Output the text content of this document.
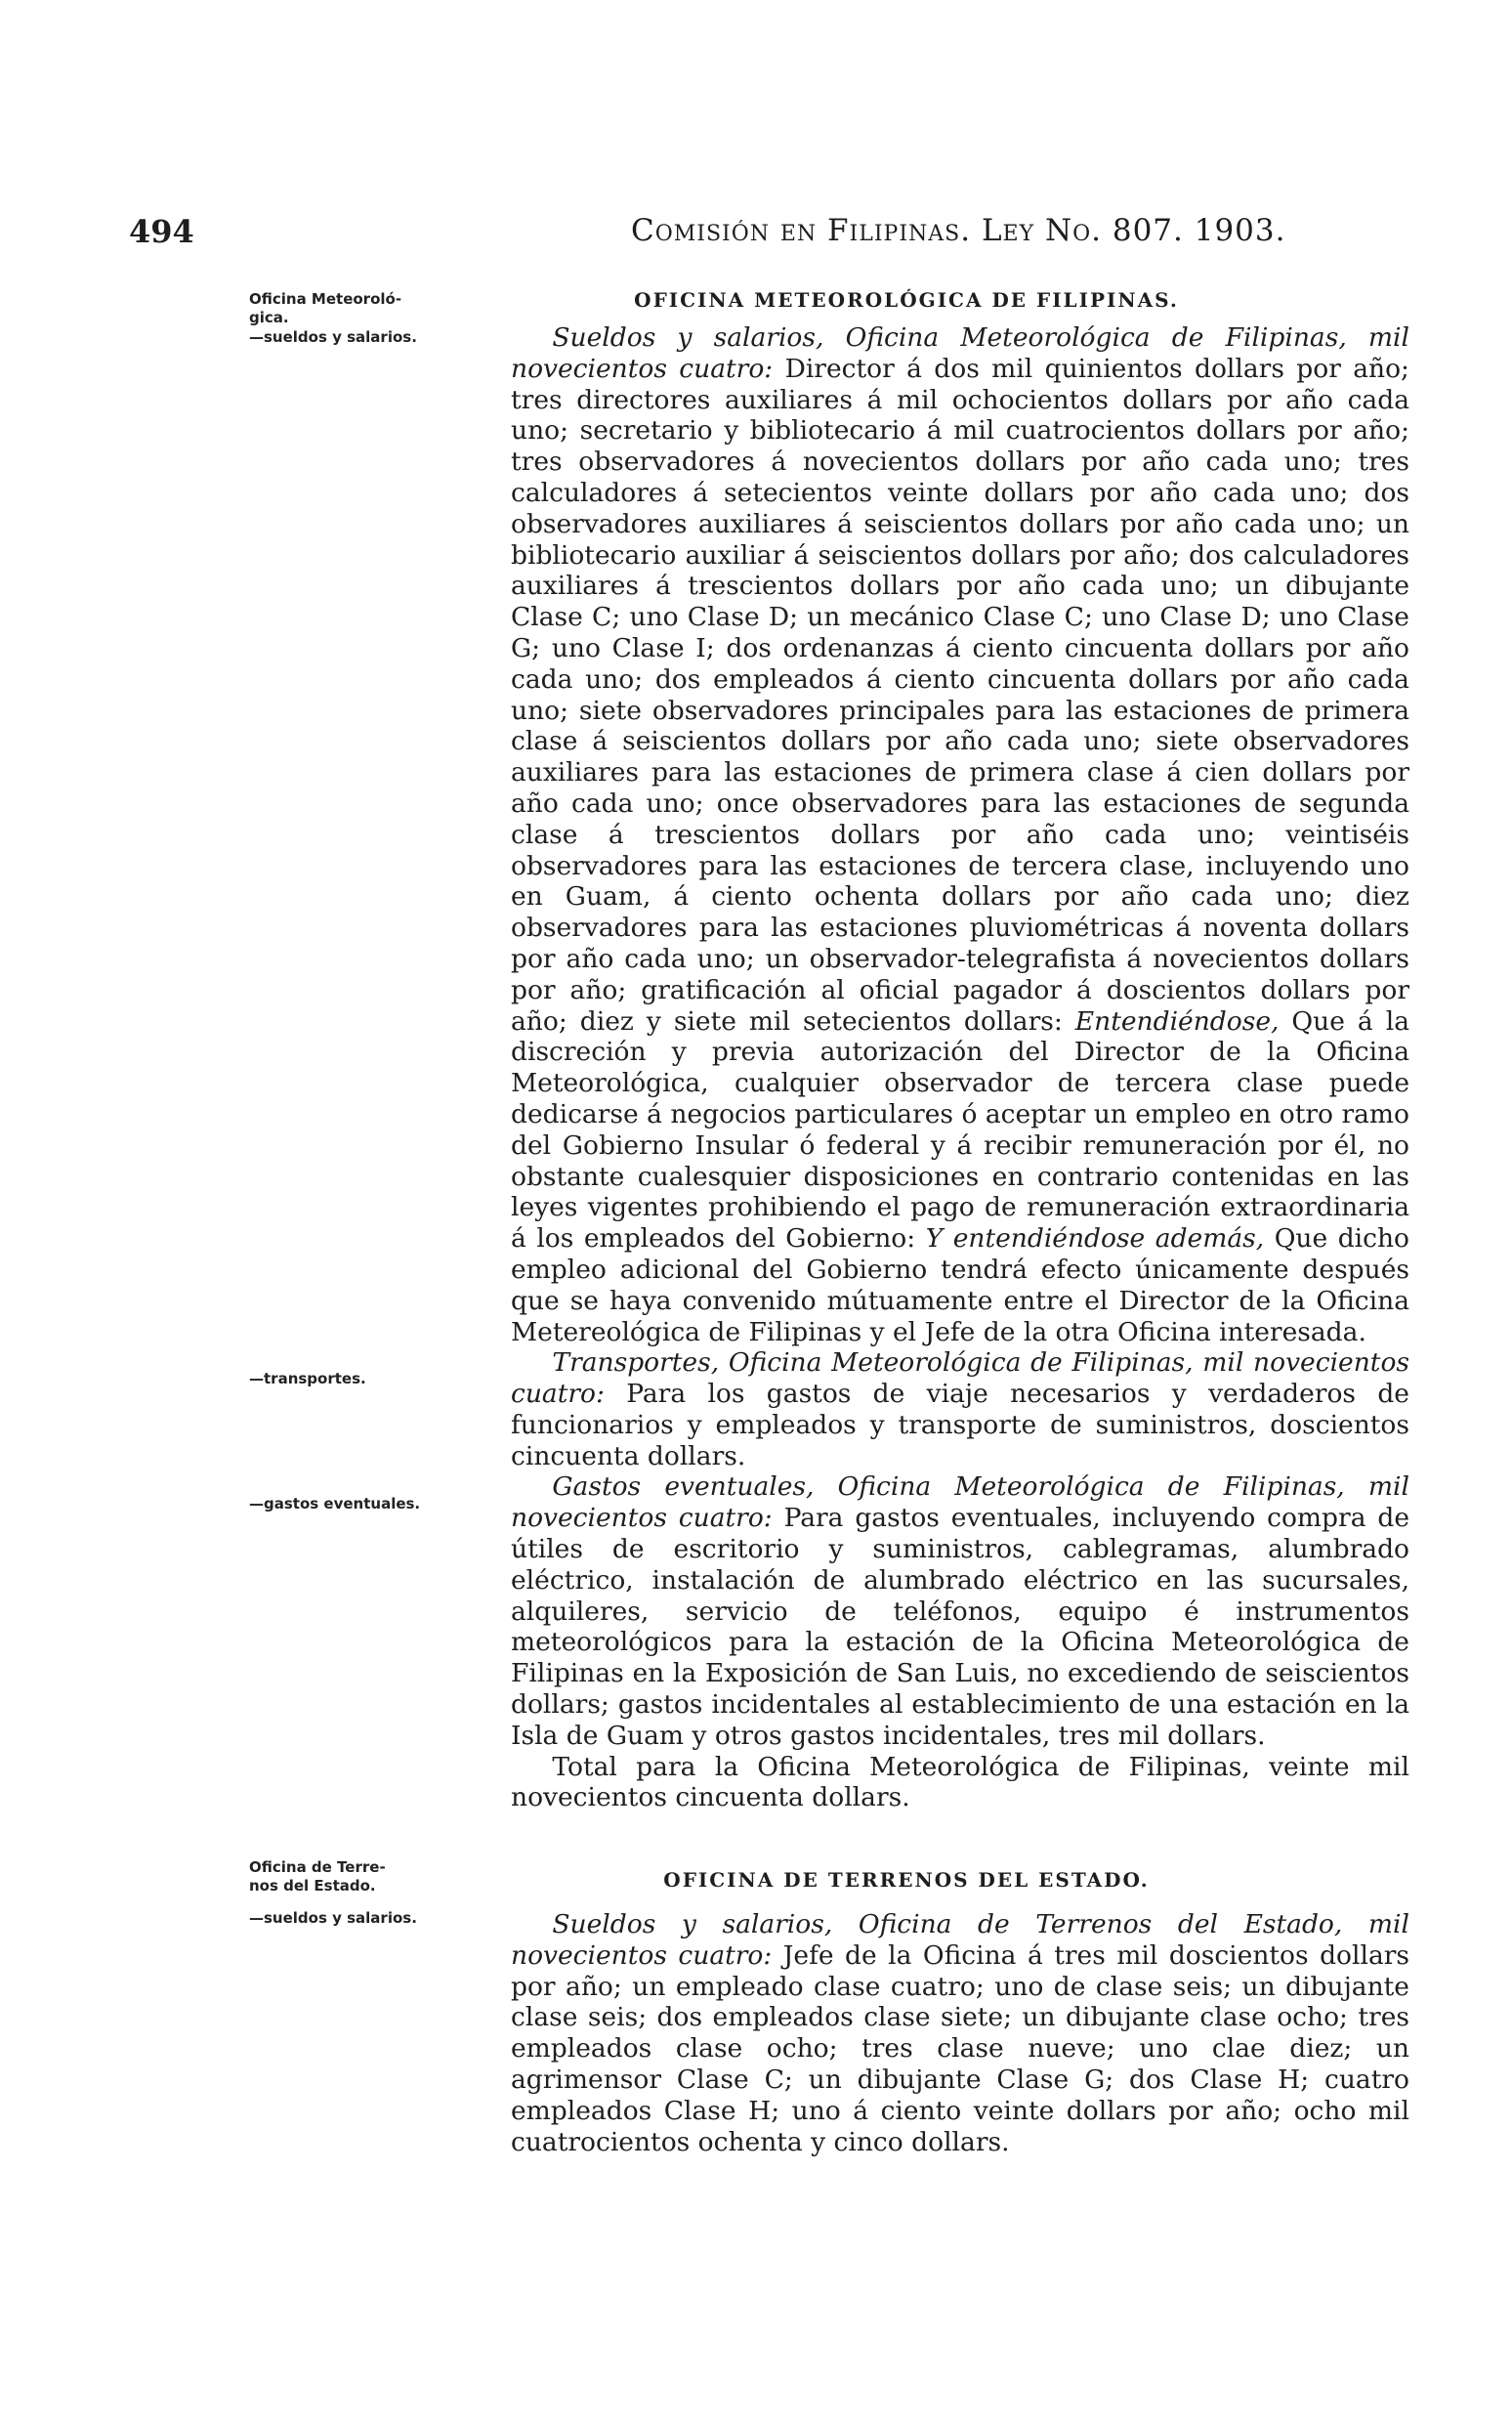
494	Comisión en Filipinas. Ley No. 807. 1903.
Oficina Meteoroló-
gica.
—sueldos y salarios.
—transportes.
—gastos eventuales.
Oficina de Terre-
nos del Estado.
—sueldos y salarios.
OFICINA METEOROLÓGICA DE FILIPINAS.

Sueldos y salarios, Oficina Meteorológica de Filipinas, mil novecientos cuatro: Director á dos mil quinientos dollars por año; tres directores auxiliares á mil ochocientos dollars por año cada uno; secretario y bibliotecario á mil cuatrocientos dollars por año; tres observadores á novecientos dollars por año cada uno; tres calculadores á setecientos veinte dollars por año cada uno; dos observadores auxiliares á seiscientos dollars por año cada uno; un bibliotecario auxiliar á seiscientos dollars por año; dos calculadores auxiliares á trescientos dollars por año cada uno; un dibujante Clase C; uno Clase D; un mecánico Clase C; uno Clase D; uno Clase G; uno Clase I; dos ordenanzas á ciento cincuenta dollars por año cada uno; dos empleados á ciento cincuenta dollars por año cada uno; siete observadores principales para las estaciones de primera clase á seiscientos dollars por año cada uno; siete observadores auxiliares para las estaciones de primera clase á cien dollars por año cada uno; once observadores para las estaciones de segunda clase á trescientos dollars por año cada uno; veintiséis observadores para las estaciones de tercera clase, incluyendo uno en Guam, á ciento ochenta dollars por año cada uno; diez observadores para las estaciones pluviométricas á noventa dollars por año cada uno; un observador-telegrafista á novecientos dollars por año; gratificación al oficial pagador á doscientos dollars por año; diez y siete mil setecientos dollars: Entendiéndose, Que á la discreción y previa autorización del Director de la Oficina Meteorológica, cualquier observador de tercera clase puede dedicarse á negocios particulares ó aceptar un empleo en otro ramo del Gobierno Insular ó federal y á recibir remuneración por él, no obstante cualesquier disposiciones en contrario contenidas en las leyes vigentes prohibiendo el pago de remuneración extraordinaria á los empleados del Gobierno: Y entendiéndose además, Que dicho empleo adicional del Gobierno tendrá efecto únicamente después que se haya convenido mútuamente entre el Director de la Oficina Metereológica de Filipinas y el Jefe de la otra Oficina interesada.

Transportes, Oficina Meteorológica de Filipinas, mil novecientos cuatro: Para los gastos de viaje necesarios y verdaderos de funcionarios y empleados y transporte de suministros, doscientos cincuenta dollars.

Gastos eventuales, Oficina Meteorológica de Filipinas, mil novecientos cuatro: Para gastos eventuales, incluyendo compra de útiles de escritorio y suministros, cablegramas, alumbrado eléctrico, instalación de alumbrado eléctrico en las sucursales, alquileres, servicio de teléfonos, equipo é instrumentos meteorológicos para la estación de la Oficina Meteorológica de Filipinas en la Exposición de San Luis, no excediendo de seiscientos dollars; gastos incidentales al establecimiento de una estación en la Isla de Guam y otros gastos incidentales, tres mil dollars.

Total para la Oficina Meteorológica de Filipinas, veinte mil novecientos cincuenta dollars.

OFICINA DE TERRENOS DEL ESTADO.

Sueldos y salarios, Oficina de Terrenos del Estado, mil novecientos cuatro: Jefe de la Oficina á tres mil doscientos dollars por año; un empleado clase cuatro; uno de clase seis; un dibujante clase seis; dos empleados clase siete; un dibujante clase ocho; tres empleados clase ocho; tres clase nueve; uno clae diez; un agrimensor Clase C; un dibujante Clase G; dos Clase H; cuatro empleados Clase H; uno á ciento veinte dollars por año; ocho mil cuatrocientos ochenta y cinco dollars.
